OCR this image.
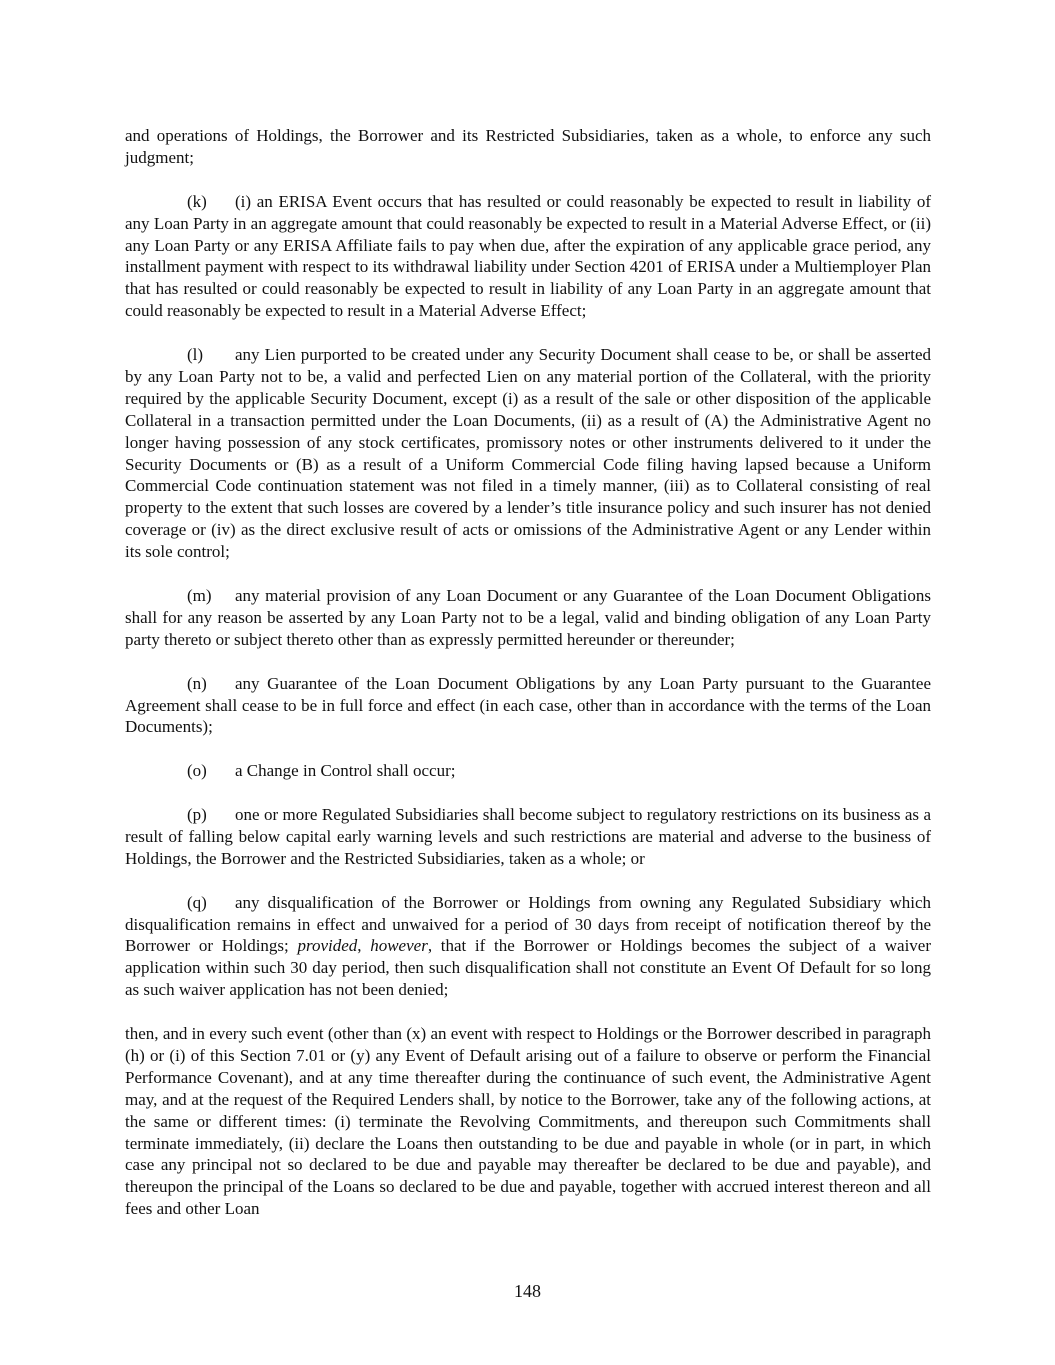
and operations of Holdings, the Borrower and its Restricted Subsidiaries, taken as a whole, to enforce any such judgment;

(k) (i) an ERISA Event occurs that has resulted or could reasonably be expected to result in liability of any Loan Party in an aggregate amount that could reasonably be expected to result in a Material Adverse Effect, or (ii) any Loan Party or any ERISA Affiliate fails to pay when due, after the expiration of any applicable grace period, any installment payment with respect to its withdrawal liability under Section 4201 of ERISA under a Multiemployer Plan that has resulted or could reasonably be expected to result in liability of any Loan Party in an aggregate amount that could reasonably be expected to result in a Material Adverse Effect;

(l) any Lien purported to be created under any Security Document shall cease to be, or shall be asserted by any Loan Party not to be, a valid and perfected Lien on any material portion of the Collateral, with the priority required by the applicable Security Document, except (i) as a result of the sale or other disposition of the applicable Collateral in a transaction permitted under the Loan Documents, (ii) as a result of (A) the Administrative Agent no longer having possession of any stock certificates, promissory notes or other instruments delivered to it under the Security Documents or (B) as a result of a Uniform Commercial Code filing having lapsed because a Uniform Commercial Code continuation statement was not filed in a timely manner, (iii) as to Collateral consisting of real property to the extent that such losses are covered by a lender’s title insurance policy and such insurer has not denied coverage or (iv) as the direct exclusive result of acts or omissions of the Administrative Agent or any Lender within its sole control;

(m) any material provision of any Loan Document or any Guarantee of the Loan Document Obligations shall for any reason be asserted by any Loan Party not to be a legal, valid and binding obligation of any Loan Party party thereto or subject thereto other than as expressly permitted hereunder or thereunder;

(n) any Guarantee of the Loan Document Obligations by any Loan Party pursuant to the Guarantee Agreement shall cease to be in full force and effect (in each case, other than in accordance with the terms of the Loan Documents);

(o) a Change in Control shall occur;

(p) one or more Regulated Subsidiaries shall become subject to regulatory restrictions on its business as a result of falling below capital early warning levels and such restrictions are material and adverse to the business of Holdings, the Borrower and the Restricted Subsidiaries, taken as a whole; or

(q) any disqualification of the Borrower or Holdings from owning any Regulated Subsidiary which disqualification remains in effect and unwaived for a period of 30 days from receipt of notification thereof by the Borrower or Holdings; provided, however, that if the Borrower or Holdings becomes the subject of a waiver application within such 30 day period, then such disqualification shall not constitute an Event Of Default for so long as such waiver application has not been denied;

then, and in every such event (other than (x) an event with respect to Holdings or the Borrower described in paragraph (h) or (i) of this Section 7.01 or (y) any Event of Default arising out of a failure to observe or perform the Financial Performance Covenant), and at any time thereafter during the continuance of such event, the Administrative Agent may, and at the request of the Required Lenders shall, by notice to the Borrower, take any of the following actions, at the same or different times: (i) terminate the Revolving Commitments, and thereupon such Commitments shall terminate immediately, (ii) declare the Loans then outstanding to be due and payable in whole (or in part, in which case any principal not so declared to be due and payable may thereafter be declared to be due and payable), and thereupon the principal of the Loans so declared to be due and payable, together with accrued interest thereon and all fees and other Loan

148
